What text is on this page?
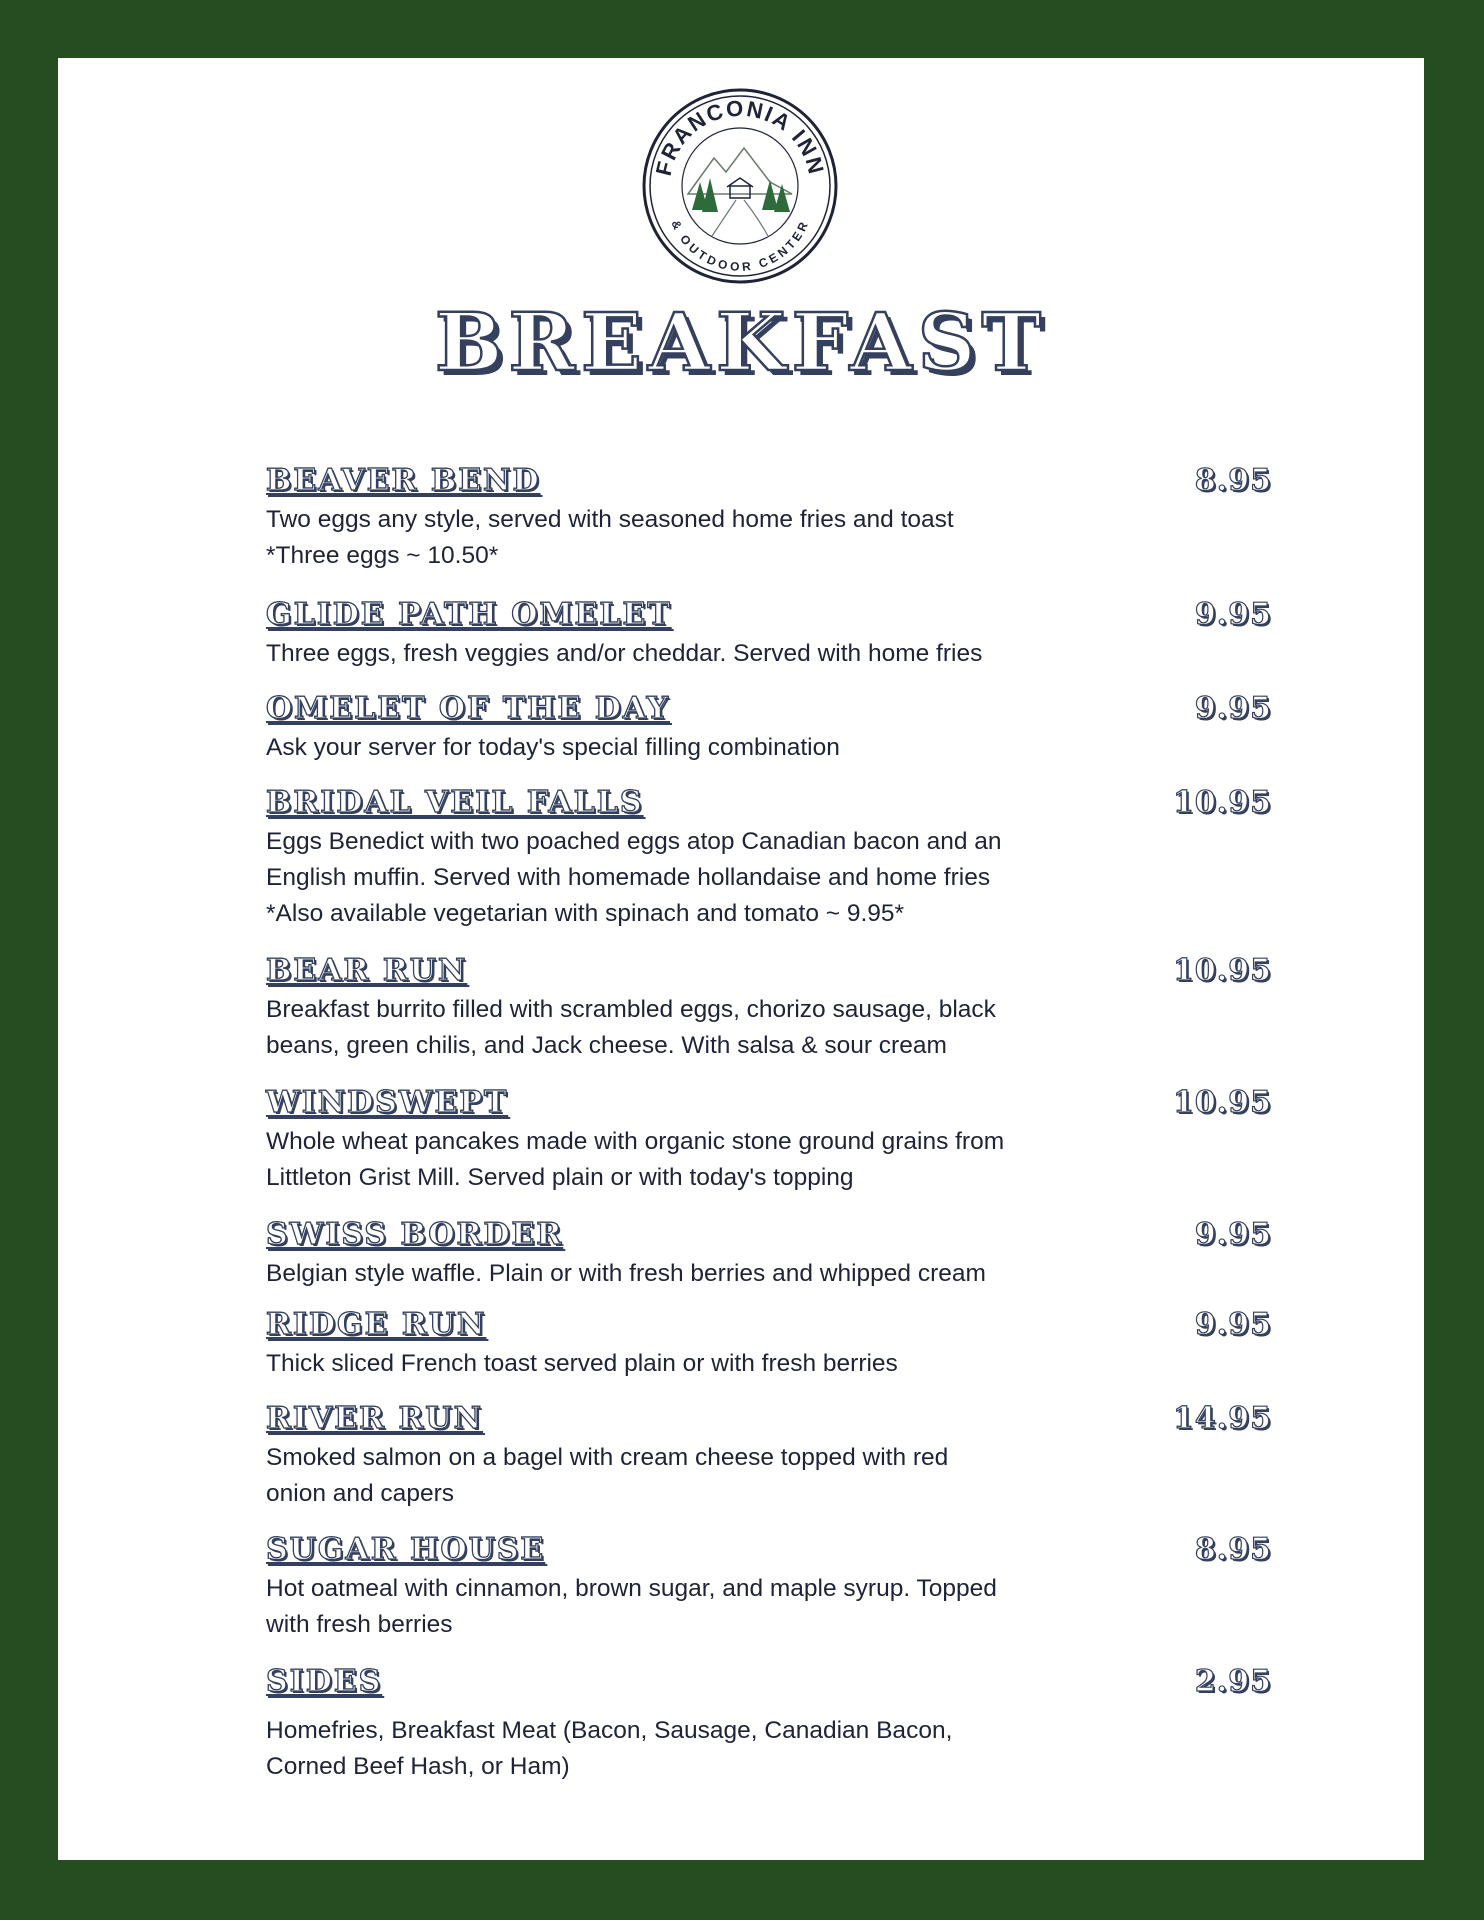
FRANCONIA INN
& OUTDOOR CENTER
BREAKFAST
BEAVER BEND	8.95
Two eggs any style, served with seasoned home fries and toast
*Three eggs ~ 10.50*
GLIDE PATH OMELET	9.95
Three eggs, fresh veggies and/or cheddar. Served with home fries
OMELET OF THE DAY	9.95
Ask your server for today's special filling combination
BRIDAL VEIL FALLS	10.95
Eggs Benedict with two poached eggs atop Canadian bacon and an
English muffin. Served with homemade hollandaise and home fries
*Also available vegetarian with spinach and tomato ~ 9.95*
BEAR RUN	10.95
Breakfast burrito filled with scrambled eggs, chorizo sausage, black
beans, green chilis, and Jack cheese. With salsa & sour cream
WINDSWEPT	10.95
Whole wheat pancakes made with organic stone ground grains from
Littleton Grist Mill. Served plain or with today's topping
SWISS BORDER	9.95
Belgian style waffle. Plain or with fresh berries and whipped cream
RIDGE RUN	9.95
Thick sliced French toast served plain or with fresh berries
RIVER RUN	14.95
Smoked salmon on a bagel with cream cheese topped with red
onion and capers
SUGAR HOUSE	8.95
Hot oatmeal with cinnamon, brown sugar, and maple syrup. Topped
with fresh berries
SIDES	2.95
Homefries, Breakfast Meat (Bacon, Sausage, Canadian Bacon,
Corned Beef Hash, or Ham)
